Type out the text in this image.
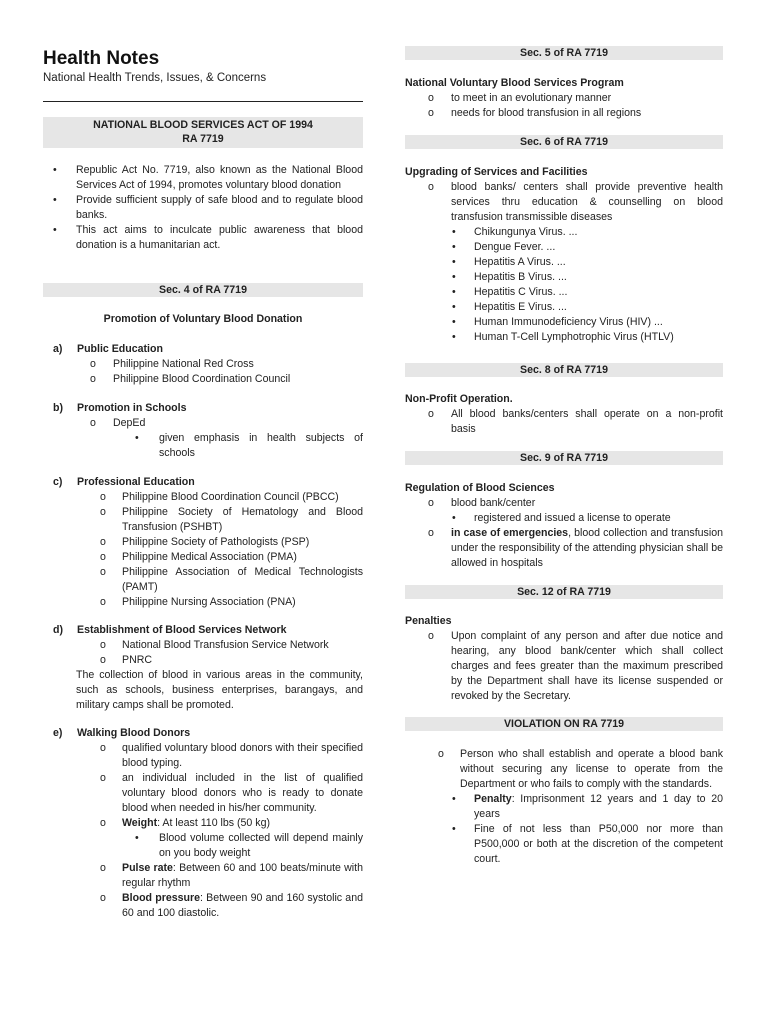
Health Notes
National Health Trends, Issues, & Concerns
NATIONAL BLOOD SERVICES ACT OF 1994
RA 7719
• Republic Act No. 7719, also known as the National Blood Services Act of 1994, promotes voluntary blood donation
• Provide sufficient supply of safe blood and to regulate blood banks.
• This act aims to inculcate public awareness that blood donation is a humanitarian act.
Sec. 4 of RA 7719
Promotion of Voluntary Blood Donation
a) Public Education
o Philippine National Red Cross
o Philippine Blood Coordination Council
b) Promotion in Schools
o DepEd
• given emphasis in health subjects of schools
c) Professional Education
o Philippine Blood Coordination Council (PBCC)
o Philippine Society of Hematology and Blood Transfusion (PSHBT)
o Philippine Society of Pathologists (PSP)
o Philippine Medical Association (PMA)
o Philippine Association of Medical Technologists (PAMT)
o Philippine Nursing Association (PNA)
d) Establishment of Blood Services Network
o National Blood Transfusion Service Network
o PNRC
The collection of blood in various areas in the community, such as schools, business enterprises, barangays, and military camps shall be promoted.
e) Walking Blood Donors
o qualified voluntary blood donors with their specified blood typing.
o an individual included in the list of qualified voluntary blood donors who is ready to donate blood when needed in his/her community.
o Weight: At least 110 lbs (50 kg)
• Blood volume collected will depend mainly on you body weight
o Pulse rate: Between 60 and 100 beats/minute with regular rhythm
o Blood pressure: Between 90 and 160 systolic and 60 and 100 diastolic.
Sec. 5 of RA 7719
National Voluntary Blood Services Program
o to meet in an evolutionary manner
o needs for blood transfusion in all regions
Sec. 6 of RA 7719
Upgrading of Services and Facilities
o blood banks/ centers shall provide preventive health services thru education & counselling on blood transfusion transmissible diseases
• Chikungunya Virus. ...
• Dengue Fever. ...
• Hepatitis A Virus. ...
• Hepatitis B Virus. ...
• Hepatitis C Virus. ...
• Hepatitis E Virus. ...
• Human Immunodeficiency Virus (HIV) ...
• Human T-Cell Lymphotrophic Virus (HTLV)
Sec. 8 of RA 7719
Non-Profit Operation.
o All blood banks/centers shall operate on a non-profit basis
Sec. 9 of RA 7719
Regulation of Blood Sciences
o blood bank/center
• registered and issued a license to operate
o in case of emergencies, blood collection and transfusion under the responsibility of the attending physician shall be allowed in hospitals
Sec. 12 of RA 7719
Penalties
o Upon complaint of any person and after due notice and hearing, any blood bank/center which shall collect charges and fees greater than the maximum prescribed by the Department shall have its license suspended or revoked by the Secretary.
VIOLATION ON RA 7719
o Person who shall establish and operate a blood bank without securing any license to operate from the Department or who fails to comply with the standards.
• Penalty: Imprisonment 12 years and 1 day to 20 years
• Fine of not less than P50,000 nor more than P500,000 or both at the discretion of the competent court.
